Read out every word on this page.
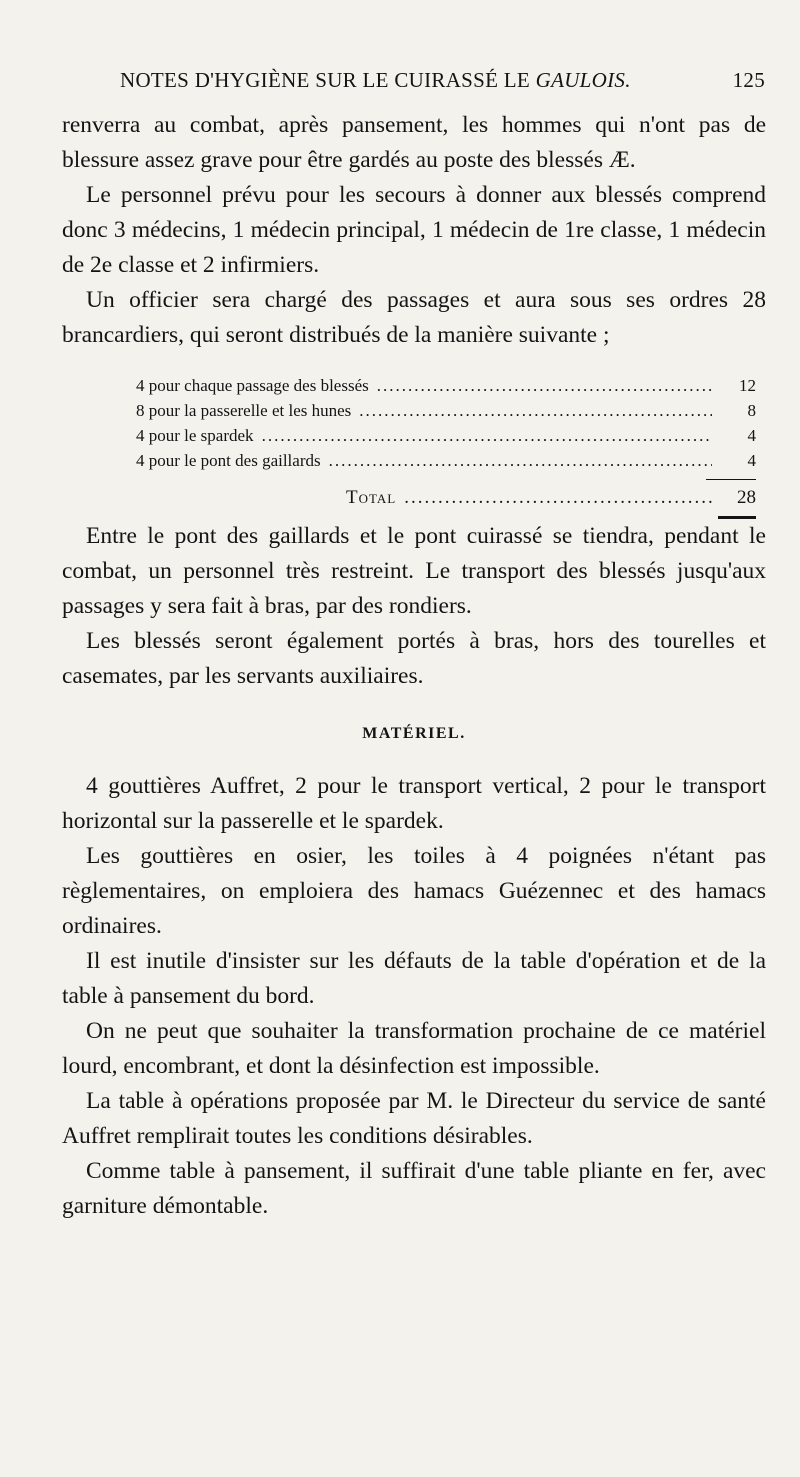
NOTES D'HYGIÈNE SUR LE CUIRASSÉ LE GAULOIS.	125

renverra au combat, après pansement, les hommes qui n'ont pas de blessure assez grave pour être gardés au poste des blessés Æ.

Le personnel prévu pour les secours à donner aux blessés comprend donc 3 médecins, 1 médecin principal, 1 médecin de 1re classe, 1 médecin de 2e classe et 2 infirmiers.

Un officier sera chargé des passages et aura sous ses ordres 28 brancardiers, qui seront distribués de la manière suivante ;

4 pour chaque passage des blessés .....	12
8 pour la passerelle et les hunes .....	8
4 pour le spardek .....	4
4 pour le pont des gaillards .....	4
Total .....	28

Entre le pont des gaillards et le pont cuirassé se tiendra, pendant le combat, un personnel très restreint. Le transport des blessés jusqu'aux passages y sera fait à bras, par des rondiers.

Les blessés seront également portés à bras, hors des tourelles et casemates, par les servants auxiliaires.

MATÉRIEL.

4 gouttières Auffret, 2 pour le transport vertical, 2 pour le transport horizontal sur la passerelle et le spardek.

Les gouttières en osier, les toiles à 4 poignées n'étant pas règlementaires, on emploiera des hamacs Guézennec et des hamacs ordinaires.

Il est inutile d'insister sur les défauts de la table d'opération et de la table à pansement du bord.

On ne peut que souhaiter la transformation prochaine de ce matériel lourd, encombrant, et dont la désinfection est impossible.

La table à opérations proposée par M. le Directeur du service de santé Auffret remplirait toutes les conditions désirables.

Comme table à pansement, il suffirait d'une table pliante en fer, avec garniture démontable.
